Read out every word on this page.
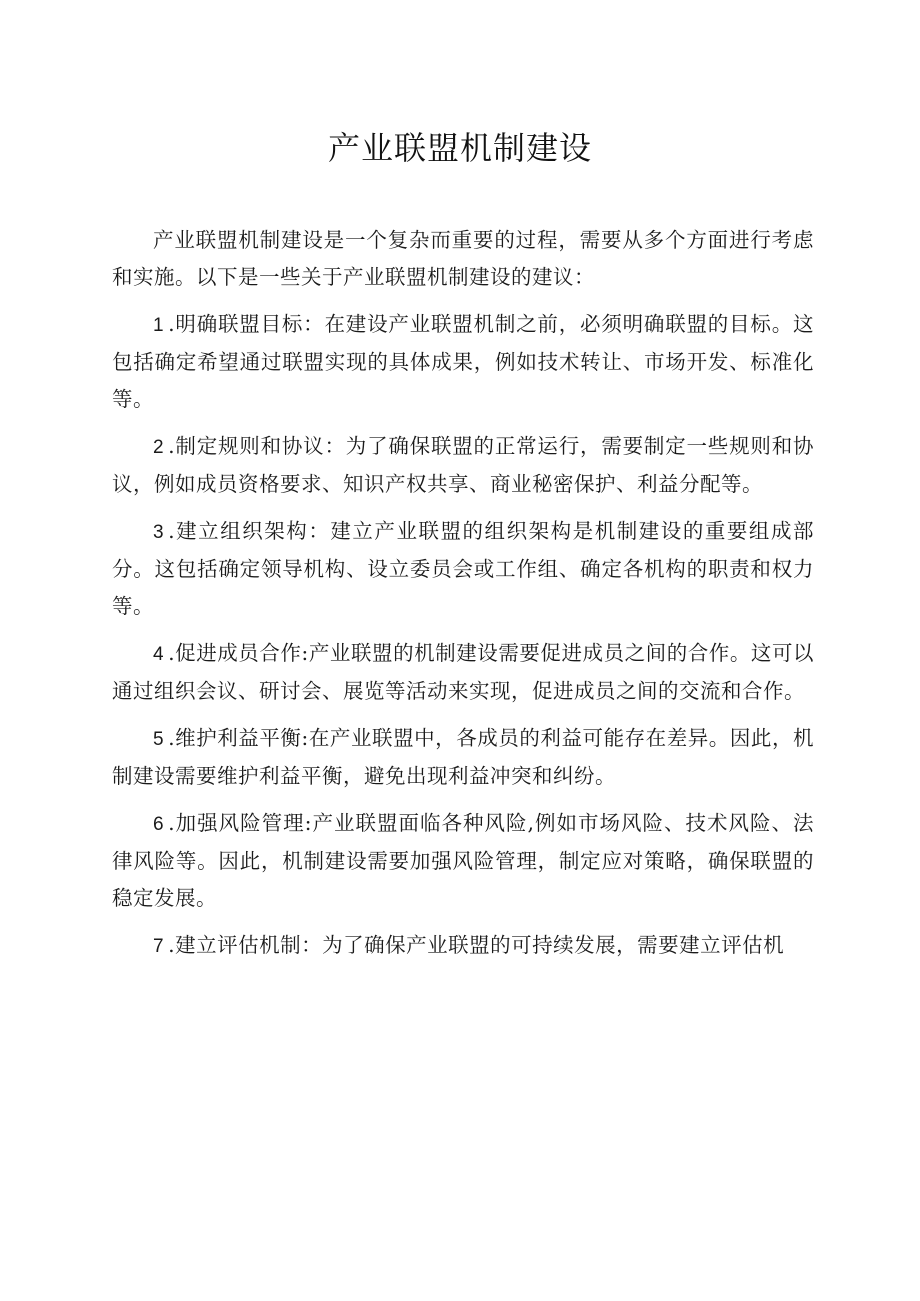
产业联盟机制建设

产业联盟机制建设是一个复杂而重要的过程，需要从多个方面进行考虑和实施。以下是一些关于产业联盟机制建设的建议：

1 .明确联盟目标：在建设产业联盟机制之前，必须明确联盟的目标。这包括确定希望通过联盟实现的具体成果，例如技术转让、市场开发、标准化等。

2 .制定规则和协议：为了确保联盟的正常运行，需要制定一些规则和协议，例如成员资格要求、知识产权共享、商业秘密保护、利益分配等。

3 .建立组织架构：建立产业联盟的组织架构是机制建设的重要组成部分。这包括确定领导机构、设立委员会或工作组、确定各机构的职责和权力等。

4 .促进成员合作:产业联盟的机制建设需要促进成员之间的合作。这可以通过组织会议、研讨会、展览等活动来实现，促进成员之间的交流和合作。

5 .维护利益平衡:在产业联盟中，各成员的利益可能存在差异。因此，机制建设需要维护利益平衡，避免出现利益冲突和纠纷。

6 .加强风险管理:产业联盟面临各种风险,例如市场风险、技术风险、法律风险等。因此，机制建设需要加强风险管理，制定应对策略，确保联盟的稳定发展。

7 .建立评估机制：为了确保产业联盟的可持续发展，需要建立评估机
